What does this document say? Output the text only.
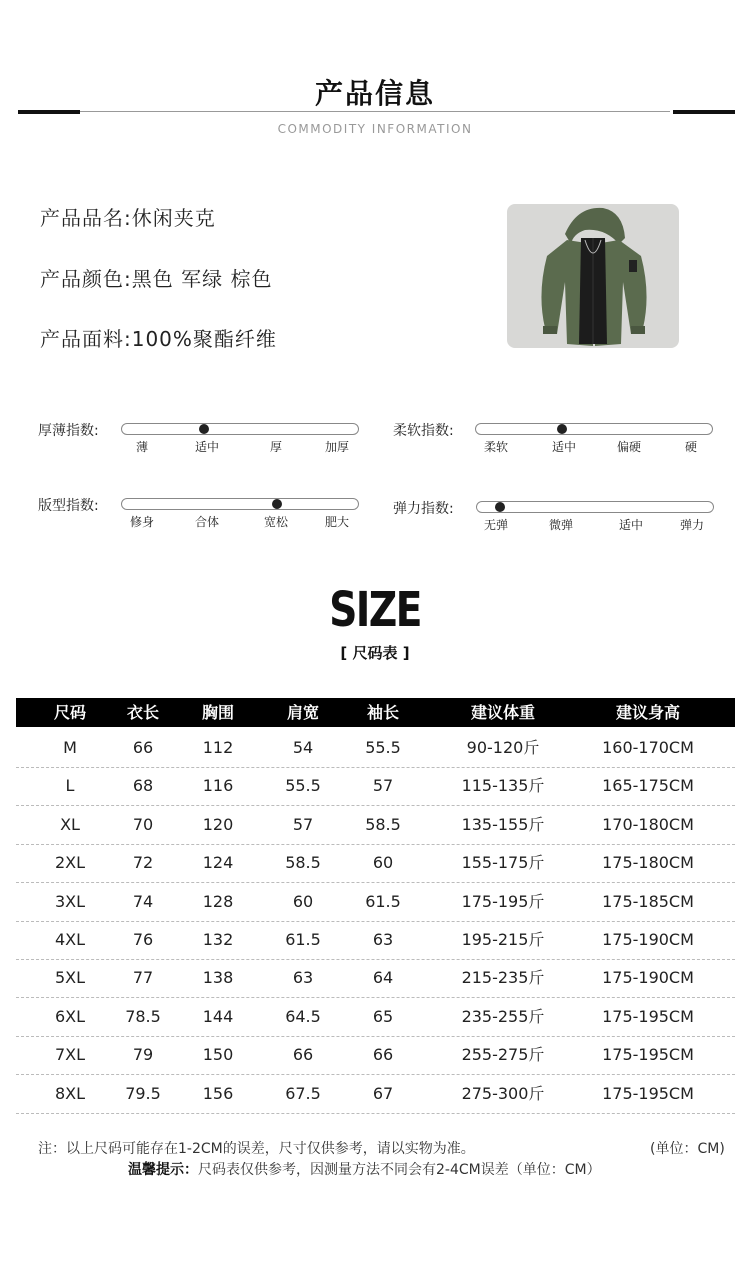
产品信息
COMMODITY INFORMATION
产品品名:休闲夹克
产品颜色:黑色 军绿 棕色
产品面料:100%聚酯纤维
厚薄指数:
薄	适中	厚	加厚
柔软指数:
柔软	适中	偏硬	硬
版型指数:
修身	合体	宽松	肥大
弹力指数:
无弹	微弹	适中	弹力
SIZE
[ 尺码表 ]
尺码	衣长	胸围	肩宽	袖长	建议体重	建议身高
M	66	112	54	55.5	90-120斤	160-170CM
L	68	116	55.5	57	115-135斤	165-175CM
XL	70	120	57	58.5	135-155斤	170-180CM
2XL	72	124	58.5	60	155-175斤	175-180CM
3XL	74	128	60	61.5	175-195斤	175-185CM
4XL	76	132	61.5	63	195-215斤	175-190CM
5XL	77	138	63	64	215-235斤	175-190CM
6XL	78.5	144	64.5	65	235-255斤	175-195CM
7XL	79	150	66	66	255-275斤	175-195CM
8XL	79.5	156	67.5	67	275-300斤	175-195CM
注：以上尺码可能存在1-2CM的误差，尺寸仅供参考，请以实物为准。	(单位：CM)
温馨提示：尺码表仅供参考，因测量方法不同会有2-4CM误差（单位：CM）
